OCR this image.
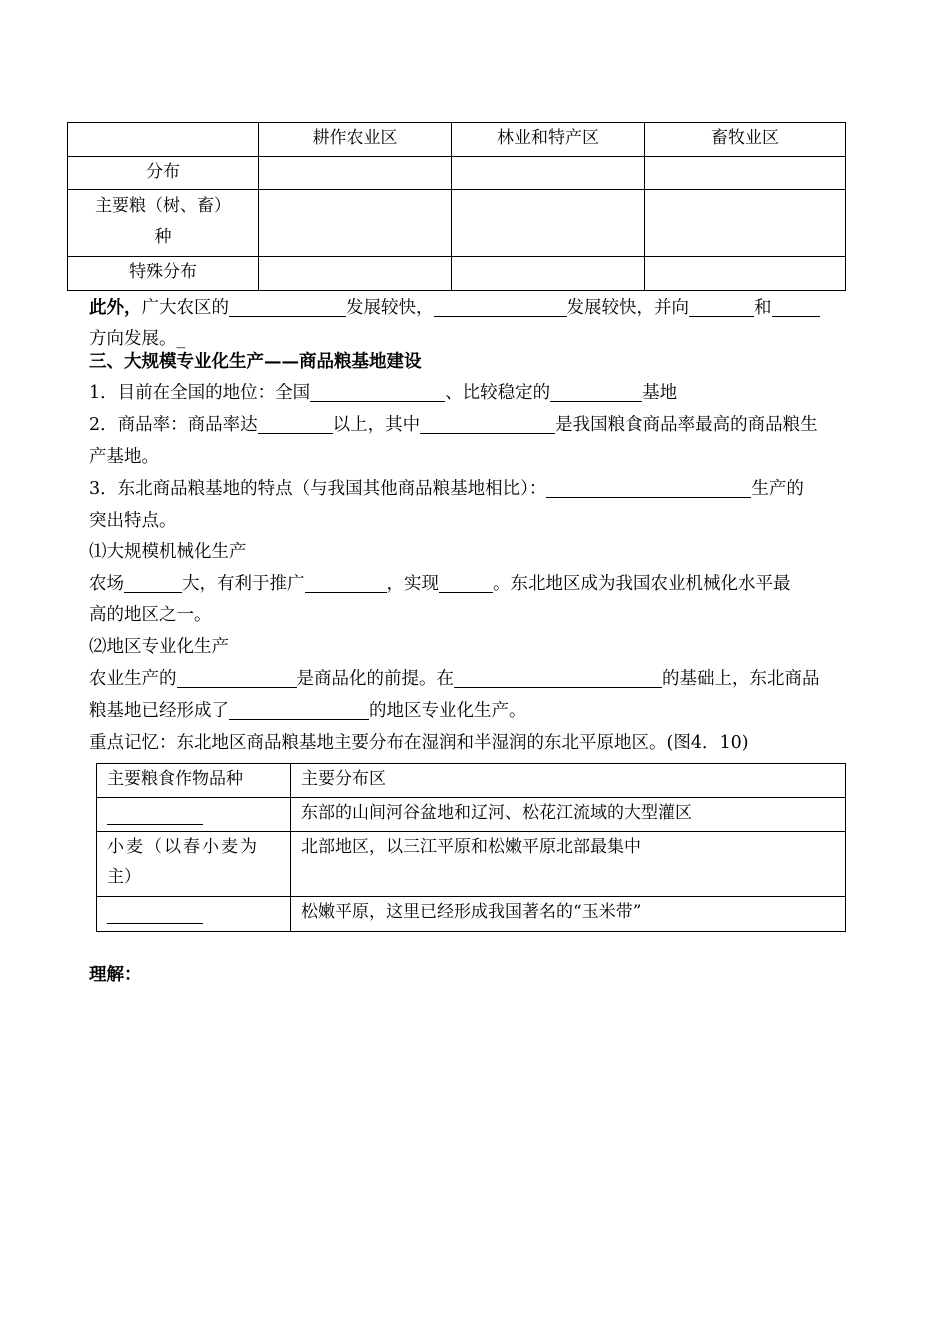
	耕作农业区	林业和特产区	畜牧业区
分布			

主要粮（树、畜）
种			

特殊分布			
此外，广大农区的	发展较快，	发展较快，并向	和
方向发展。_
三、大规模专业化生产——商品粮基地建设
1．目前在全国的地位：全国	、比较稳定的	基地
2．商品率：商品率达	以上，其中	是我国粮食商品率最高的商品粮生
产基地。
3．东北商品粮基地的特点（与我国其他商品粮基地相比）：	生产的
突出特点。
⑴大规模机械化生产
农场	大，有利于推广	，实现	。东北地区成为我国农业机械化水平最
高的地区之一。
⑵地区专业化生产
农业生产的	是商品化的前提。在	的基础上，东北商品
粮基地已经形成了	的地区专业化生产。
重点记忆：东北地区商品粮基地主要分布在湿润和半湿润的东北平原地区。(图4．10)
主要粮食作物品种	主要分布区
	东部的山间河谷盆地和辽河、松花江流域的大型灌区

小麦（以春小麦为
主）	北部地区，以三江平原和松嫩平原北部最集中
	松嫩平原，这里已经形成我国著名的“玉米带”
理解：
